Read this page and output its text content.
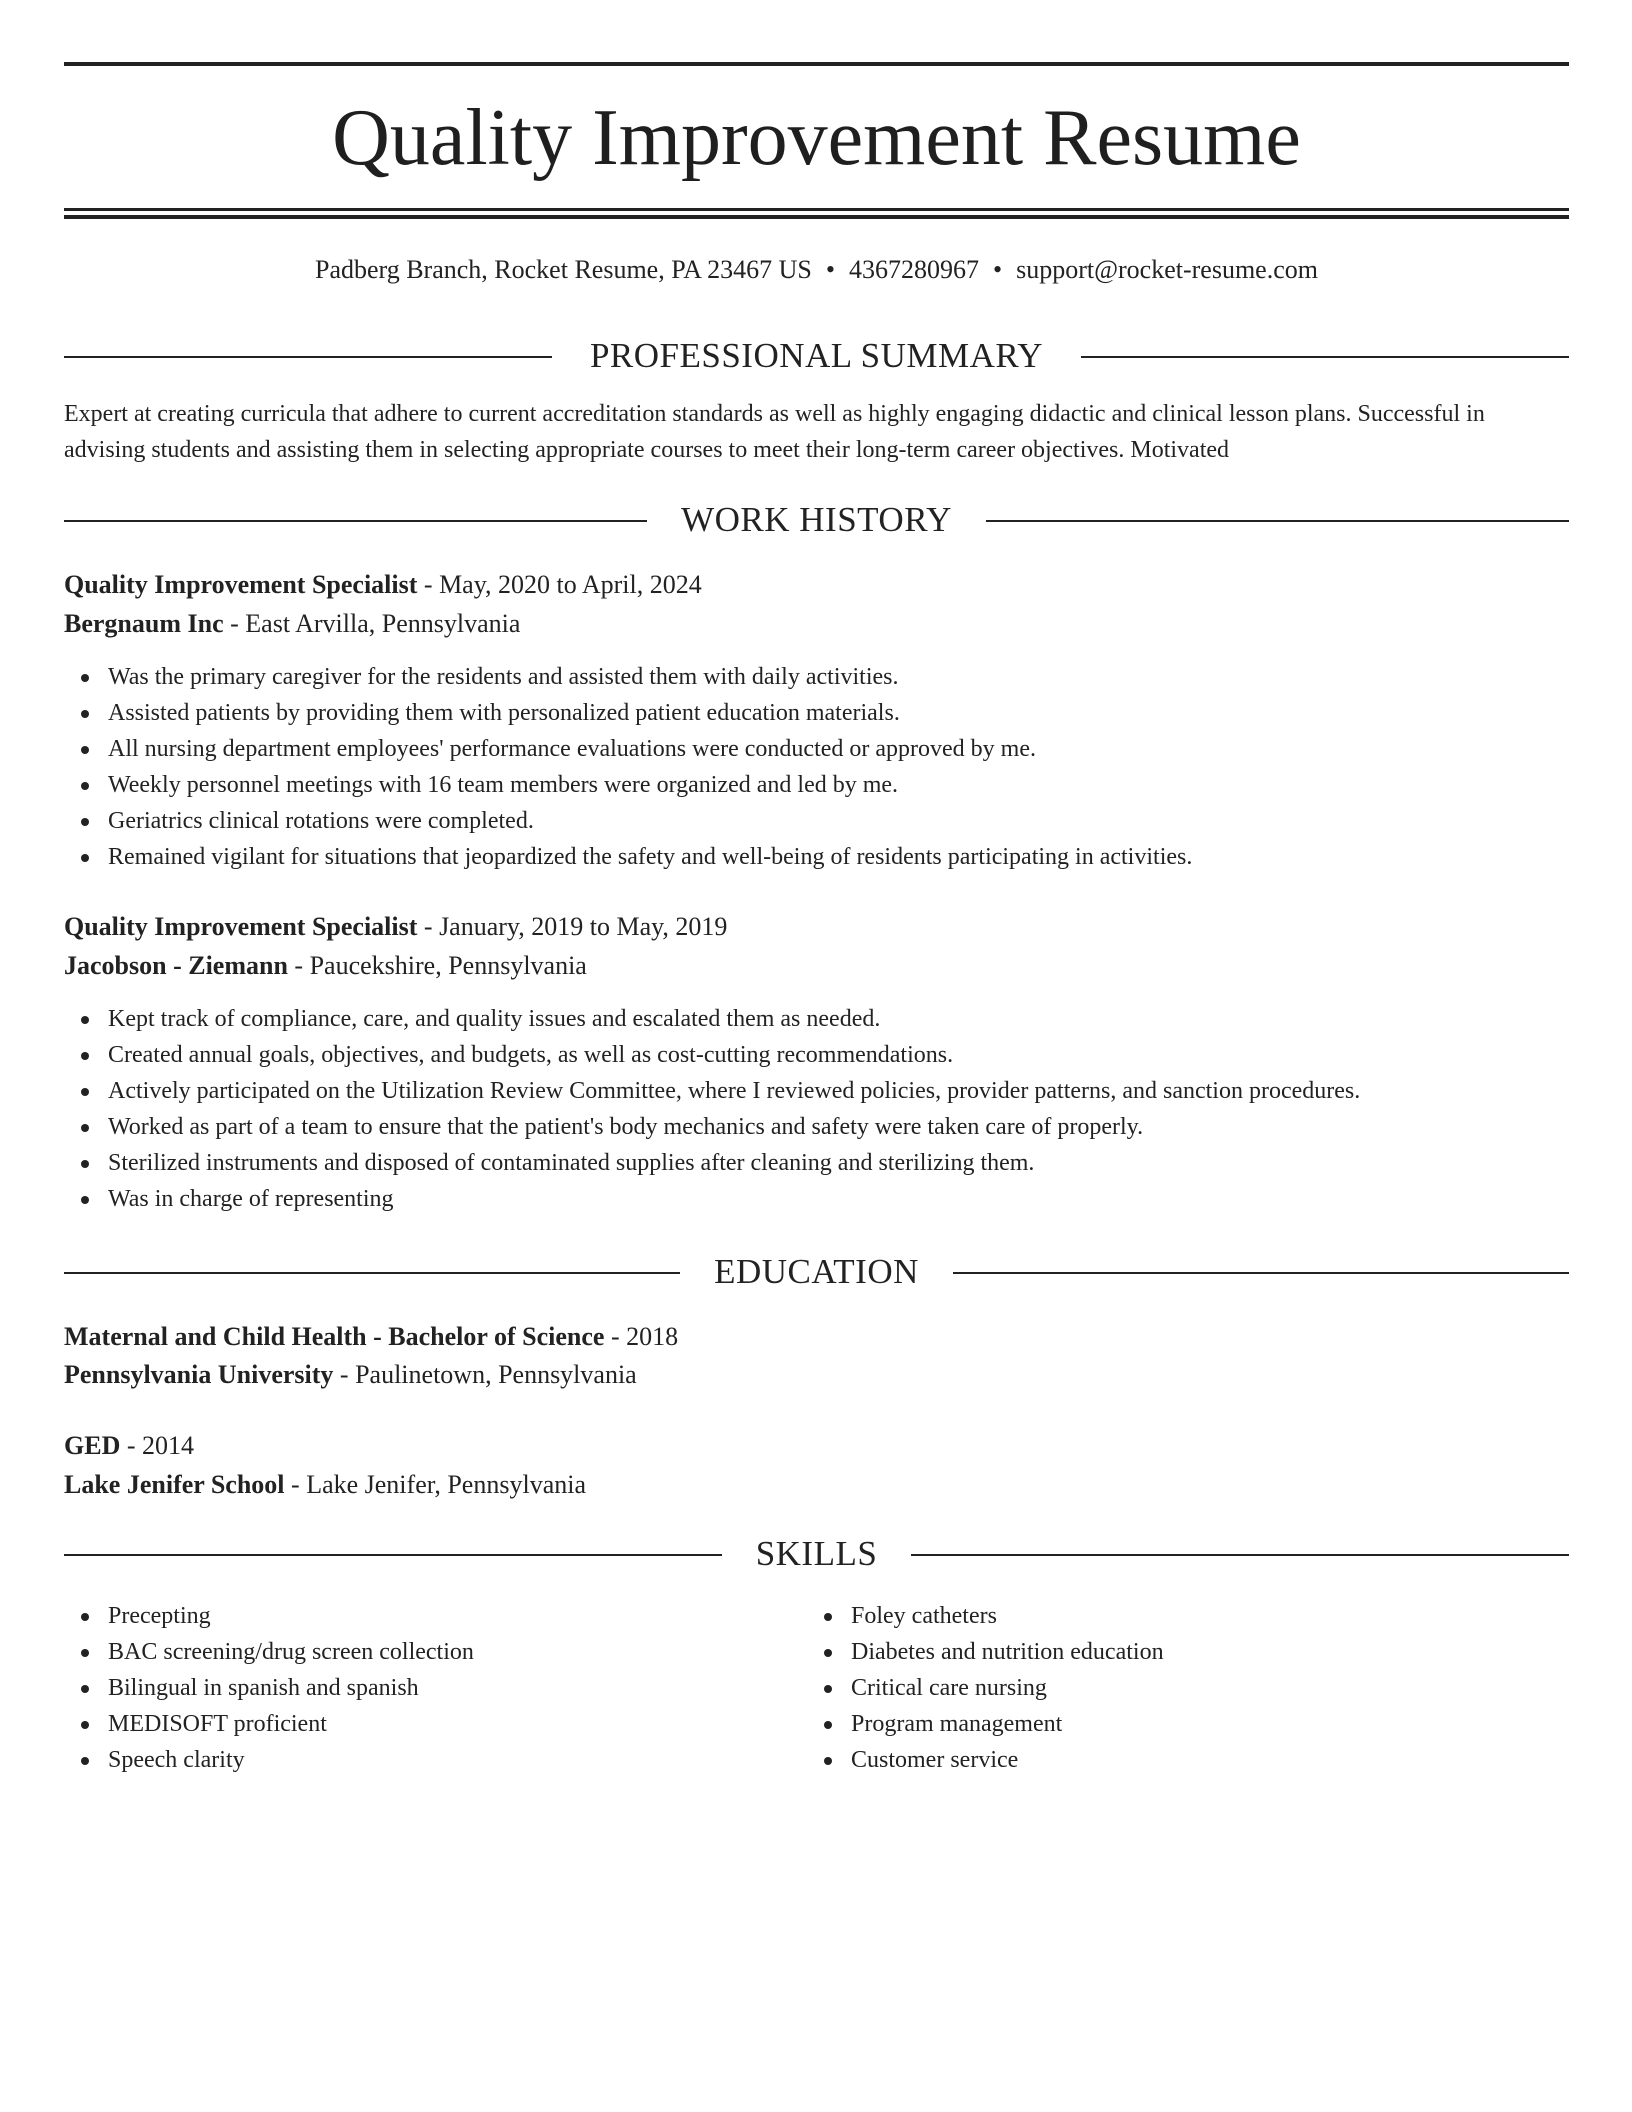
Quality Improvement Resume
Padberg Branch, Rocket Resume, PA 23467 US • 4367280967 • support@rocket-resume.com
PROFESSIONAL SUMMARY

Expert at creating curricula that adhere to current accreditation standards as well as highly engaging didactic and clinical lesson plans. Successful in advising students and assisting them in selecting appropriate courses to meet their long-term career objectives. Motivated

WORK HISTORY
Quality Improvement Specialist - May, 2020 to April, 2024
Bergnaum Inc - East Arvilla, Pennsylvania
Was the primary caregiver for the residents and assisted them with daily activities.
Assisted patients by providing them with personalized patient education materials.
All nursing department employees' performance evaluations were conducted or approved by me.
Weekly personnel meetings with 16 team members were organized and led by me.
Geriatrics clinical rotations were completed.
Remained vigilant for situations that jeopardized the safety and well-being of residents participating in activities.
Quality Improvement Specialist - January, 2019 to May, 2019
Jacobson - Ziemann - Paucekshire, Pennsylvania
Kept track of compliance, care, and quality issues and escalated them as needed.
Created annual goals, objectives, and budgets, as well as cost-cutting recommendations.
Actively participated on the Utilization Review Committee, where I reviewed policies, provider patterns, and sanction procedures.
Worked as part of a team to ensure that the patient's body mechanics and safety were taken care of properly.
Sterilized instruments and disposed of contaminated supplies after cleaning and sterilizing them.
Was in charge of representing
EDUCATION
Maternal and Child Health - Bachelor of Science - 2018
Pennsylvania University - Paulinetown, Pennsylvania
GED - 2014
Lake Jenifer School - Lake Jenifer, Pennsylvania
SKILLS
Precepting
BAC screening/drug screen collection
Bilingual in spanish and spanish
MEDISOFT proficient
Speech clarity
Foley catheters
Diabetes and nutrition education
Critical care nursing
Program management
Customer service
